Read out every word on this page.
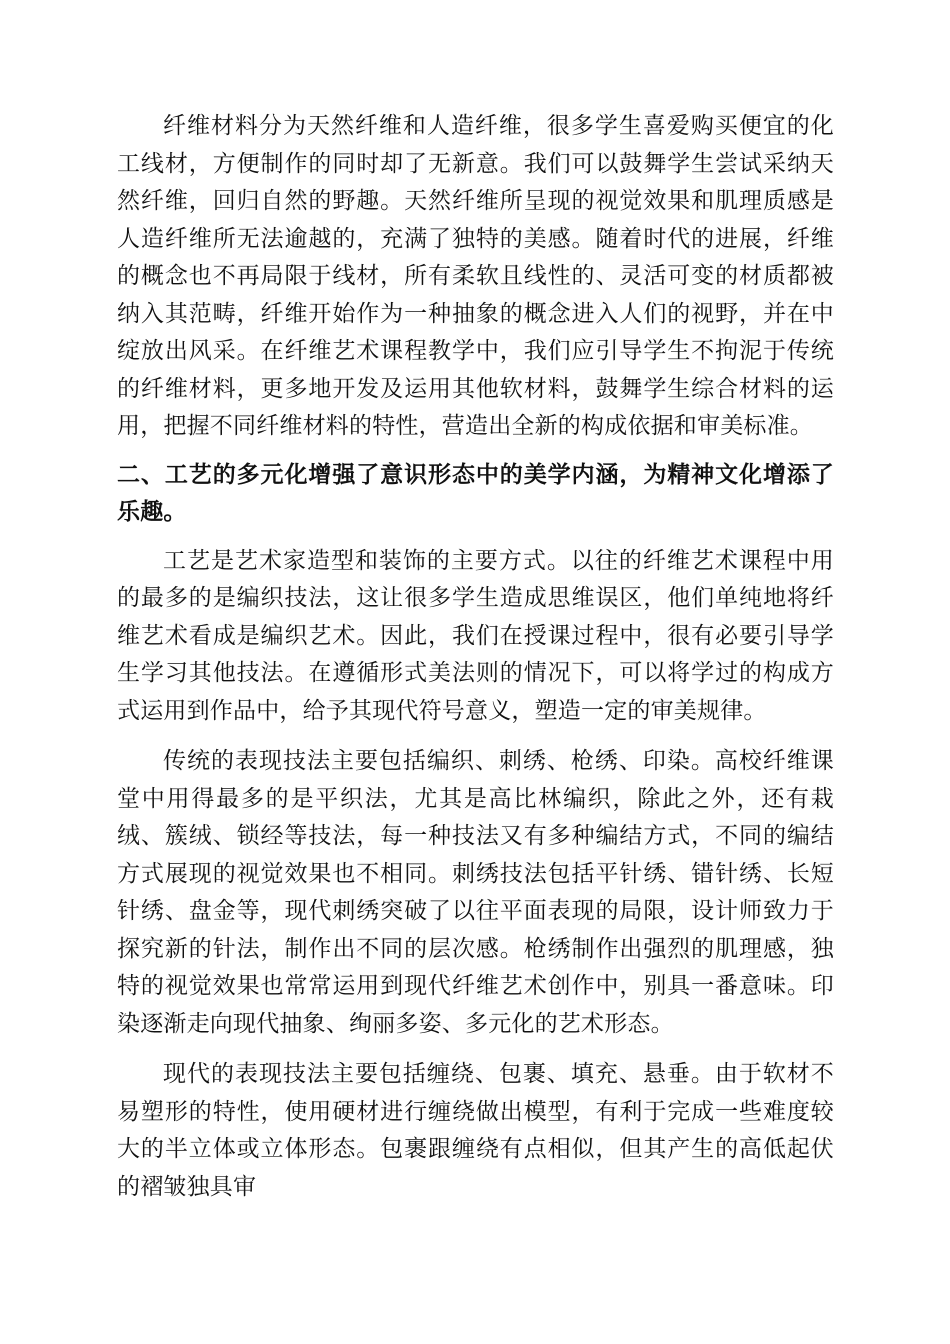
纤维材料分为天然纤维和人造纤维，很多学生喜爱购买便宜的化工线材，方便制作的同时却了无新意。我们可以鼓舞学生尝试采纳天然纤维，回归自然的野趣。天然纤维所呈现的视觉效果和肌理质感是人造纤维所无法逾越的，充满了独特的美感。随着时代的进展，纤维的概念也不再局限于线材，所有柔软且线性的、灵活可变的材质都被纳入其范畴，纤维开始作为一种抽象的概念进入人们的视野，并在中绽放出风采。在纤维艺术课程教学中，我们应引导学生不拘泥于传统的纤维材料，更多地开发及运用其他软材料，鼓舞学生综合材料的运用，把握不同纤维材料的特性，营造出全新的构成依据和审美标准。

二、工艺的多元化增强了意识形态中的美学内涵，为精神文化增添了乐趣。

工艺是艺术家造型和装饰的主要方式。以往的纤维艺术课程中用的最多的是编织技法，这让很多学生造成思维误区，他们单纯地将纤维艺术看成是编织艺术。因此，我们在授课过程中，很有必要引导学生学习其他技法。在遵循形式美法则的情况下，可以将学过的构成方式运用到作品中，给予其现代符号意义，塑造一定的审美规律。

传统的表现技法主要包括编织、刺绣、枪绣、印染。高校纤维课堂中用得最多的是平织法，尤其是高比林编织，除此之外，还有栽绒、簇绒、锁经等技法，每一种技法又有多种编结方式，不同的编结方式展现的视觉效果也不相同。刺绣技法包括平针绣、错针绣、长短针绣、盘金等，现代刺绣突破了以往平面表现的局限，设计师致力于探究新的针法，制作出不同的层次感。枪绣制作出强烈的肌理感，独特的视觉效果也常常运用到现代纤维艺术创作中，别具一番意味。印染逐渐走向现代抽象、绚丽多姿、多元化的艺术形态。

现代的表现技法主要包括缠绕、包裹、填充、悬垂。由于软材不易塑形的特性，使用硬材进行缠绕做出模型，有利于完成一些难度较大的半立体或立体形态。包裹跟缠绕有点相似，但其产生的高低起伏的褶皱独具审
